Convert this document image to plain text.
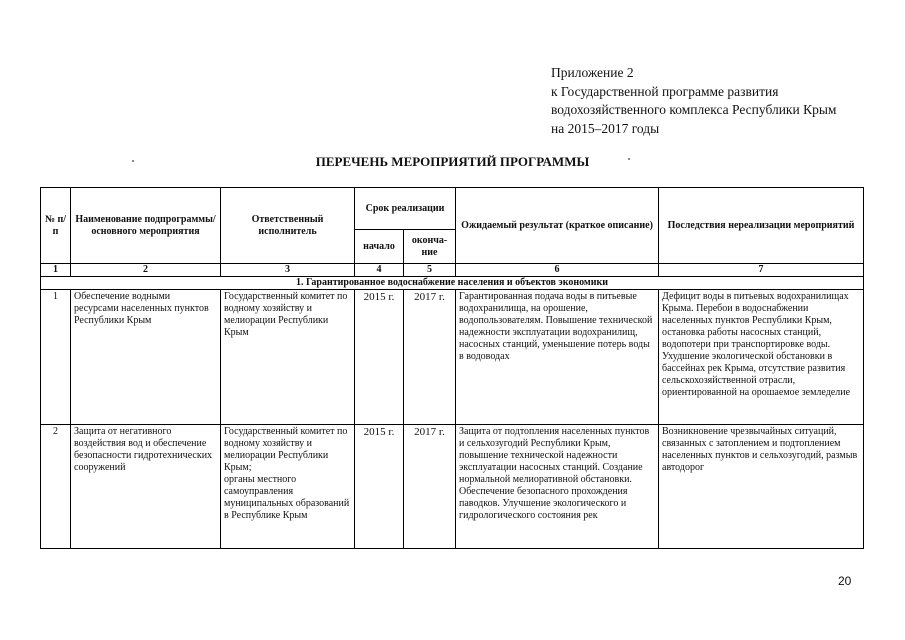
Приложение 2
к Государственной программе развития
водохозяйственного комплекса Республики Крым
на 2015–2017 годы
ПЕРЕЧЕНЬ МЕРОПРИЯТИЙ ПРОГРАММЫ
№ п/п	Наименование подпрограммы/ основного мероприятия	Ответственный исполнитель	Срок реализации		Ожидаемый результат (краткое описание)	Последствия нереализации мероприятий
			начало	оконча-ние		
1	2	3	4	5	6	7
1. Гарантированное водоснабжение населения и объектов экономики						
1	Обеспечение водными ресурсами населенных пунктов Республики Крым	Государственный комитет по водному хозяйству и мелиорации Республики Крым	2015 г.	2017 г.	Гарантированная подача воды в питьевые водохранилища, на орошение, водопользователям. Повышение технической надежности эксплуатации водохранилищ, насосных станций, уменьшение потерь воды в водоводах	Дефицит воды в питьевых водохранилищах Крыма. Перебои в водоснабжении населенных пунктов Республики Крым, остановка работы насосных станций, водопотери при транспортировке воды. Ухудшение экологической обстановки в бассейнах рек Крыма, отсутствие развития сельскохозяйственной отрасли, ориентированной на орошаемое земледелие
2	Защита от негативного воздействия вод и обеспечение безопасности гидротехнических сооружений	Государственный комитет по водному хозяйству и мелиорации Республики Крым;
органы местного самоуправления муниципальных образований в Республике Крым	2015 г.	2017 г.	Защита от подтопления населенных пунктов и сельхозугодий Республики Крым, повышение технической надежности эксплуатации насосных станций. Создание нормальной мелиоративной обстановки. Обеспечение безопасного прохождения паводков. Улучшение экологического и гидрологического состояния рек	Возникновение чрезвычайных ситуаций, связанных с затоплением и подтоплением населенных пунктов и сельхозугодий, размыв автодорог
20
